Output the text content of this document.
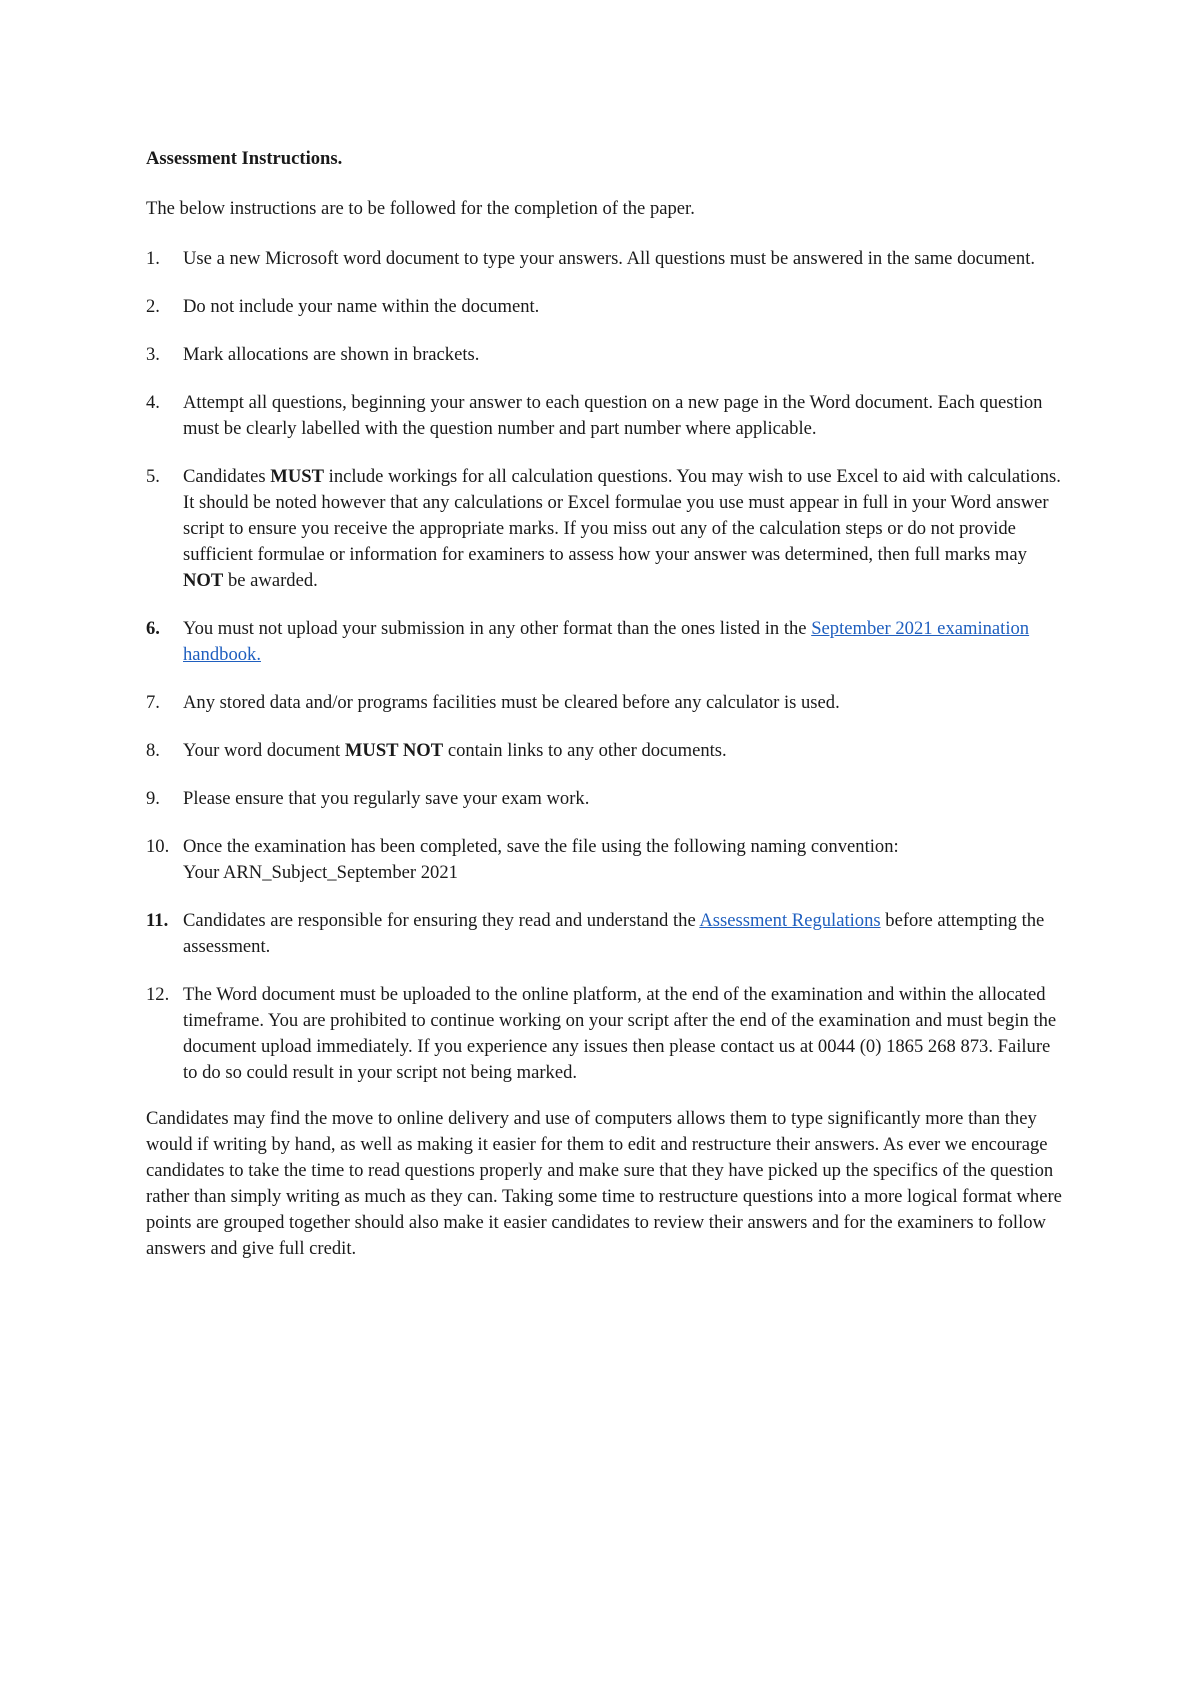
Assessment Instructions.

The below instructions are to be followed for the completion of the paper.

1.	Use a new Microsoft word document to type your answers. All questions must be answered in the same document.
2.	Do not include your name within the document.
3.	Mark allocations are shown in brackets.
4.	Attempt all questions, beginning your answer to each question on a new page in the Word document. Each question must be clearly labelled with the question number and part number where applicable.
5.	Candidates MUST include workings for all calculation questions. You may wish to use Excel to aid with calculations. It should be noted however that any calculations or Excel formulae you use must appear in full in your Word answer script to ensure you receive the appropriate marks. If you miss out any of the calculation steps or do not provide sufficient formulae or information for examiners to assess how your answer was determined, then full marks may NOT be awarded.
6.	You must not upload your submission in any other format than the ones listed in the September 2021 examination handbook.
7.	Any stored data and/or programs facilities must be cleared before any calculator is used.
8.	Your word document MUST NOT contain links to any other documents.
9.	Please ensure that you regularly save your exam work.
10. Once the examination has been completed, save the file using the following naming convention:
Your ARN_Subject_September 2021
11. Candidates are responsible for ensuring they read and understand the Assessment Regulations before attempting the assessment.
12. The Word document must be uploaded to the online platform, at the end of the examination and within the allocated timeframe. You are prohibited to continue working on your script after the end of the examination and must begin the document upload immediately. If you experience any issues then please contact us at 0044 (0) 1865 268 873. Failure to do so could result in your script not being marked.

Candidates may find the move to online delivery and use of computers allows them to type significantly more than they would if writing by hand, as well as making it easier for them to edit and restructure their answers. As ever we encourage candidates to take the time to read questions properly and make sure that they have picked up the specifics of the question rather than simply writing as much as they can. Taking some time to restructure questions into a more logical format where points are grouped together should also make it easier candidates to review their answers and for the examiners to follow answers and give full credit.
